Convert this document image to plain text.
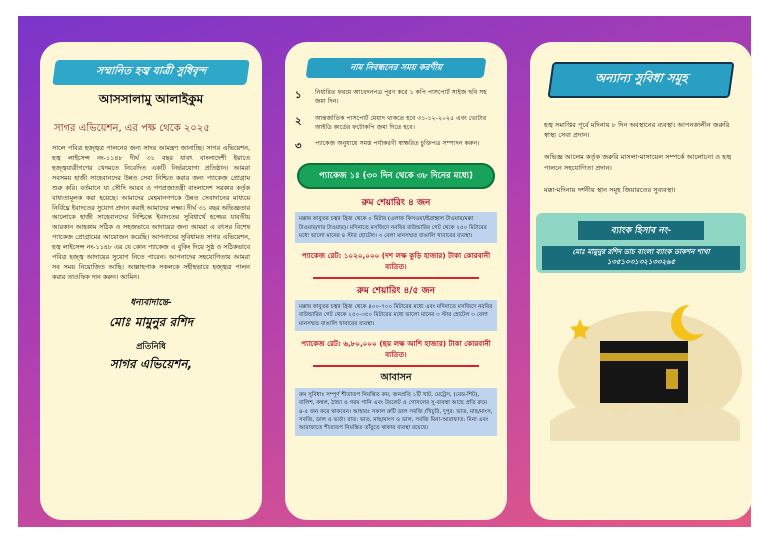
সম্মানিত হজ্ব যাত্রী সুধিবৃন্দ
আসসালামু আলাইকুম
সাগর এভিয়েশন, এর পক্ষ থেকে ২০২৫
সালে পবিত্র হজ্জ্বত্র পালনের জন্য সাদর আমন্ত্রণ জানাচ্ছি। সাগর এভিয়েশন, হজ্ব লাইসেন্স নং-১১৪৮ দীর্ঘ ৩১ বছর যাবৎ বাংলাদেশী ইয়াতে হজ্জ্বযাত্রীগণের খেদমতে নিবেদিত একটি নির্ভরযোগ্য প্রতিষ্ঠান। আমরা সবসময় হাজী সাহেবানদের উন্নত সেবা নিশ্চিত করার জন্য প্যাকেজ প্রোগ্রাম শুরু করি। বর্তমানে যা সৌদি আরব ও গণপ্রজাতন্ত্রী বাংলাদেশ সরকার কর্তৃক বাধ্যতামূলক করা হয়েছে। আমাদের মেহমানগণকে উন্নত সেবাদানের মাধ্যমে নির্বিঘ্নে ইবাদতের সুযোগ প্রদান করাই আমাদের লক্ষ্য। দীর্ঘ ৩১ বছর অভিজ্ঞতার আলোকে হাজী সাহেবানদের নিশ্চিন্তে ইবাদতের সুবিধার্থে হজ্জের যাবতীয় আরকান আহকাম সঠিক ও সহজভাবে আদায়ের জন্য আমরা এ বৎসর বিশেষ প্যাকেজ প্রোগ্রামের আয়োজন করেছি। আপনাদের সুবিধামত সাগর এভিয়েশন, হজ্ব লাইসেন্স নং-১১৪৮ এর যে কোন প্যাকেজ এ বুকিং দিয়ে সুষ্ঠ ও সঠিকভাবে পবিত্র হজ্জ্ব আদায়ের সুযোগ নিতে পারেন। আপনাদের সহযোগিতায় আমরা সব সময় নিয়োজিত আছি। আল্লাহপাক সকলকে সহীহভাবে হজ্জ্বত্র পালন করার তাওফিক দান করুন। আমিন।
ধন্যবাদান্তে-
মোঃ মামুনুর রশিদ
প্রতিনিধি
সাগর এভিয়েশন,
নাম নিবন্ধনের সময় করণীয়
১	নির্ধারিত ফরমে আবেদনপত্র পূরণ করে ১ কপি পাসপোর্ট সাইজ ছবি সহ জমা দিন।
২	আন্তর্জাতিক পাসপোর্ট মেয়াদ থাকতে হবে ৩১-১২-২০২৫ এবং ভোটার আইডি কার্ডের ফটোকপি জমা দিতে হবে।
৩	প্যাকেজ অনুযায়ে সমস্ত পর্যাকরণী স্বাক্ষরিত চুক্তিপত্র সম্পাদন করুন।
প্যাকেজ ১ঃ (৩০ দিন থেকে ৩৮ দিনের মধ্যে)
রুম শেয়ারিং ৪ জন
মক্কায় কাবুতর চত্বর হ্রিজ থেকে ০ মিটার (এলাফ কিসওয়া/ইব্রাহ্বল টাওয়ার/মক্কা টাওয়ার/দার টাওয়ার)। মদিনাতে মসজিদে নববির বাউন্ডারির গেট থেকে ২৫০ মিটারের মধ্যে ভালো মানের ৪ স্টার হোটেল। ৩ বেলা মানসম্মত বাঙালি খাবারের ব্যবস্থা।
প্যাকেজ রেট: ১০২০,০০০ (দশ লক্ষ কুড়ি হাজার) টাকা কোরবানী ব্যতিত।
রুম শেয়ারিং ৪/৫ জন
মক্কায় কাবুতর চত্বর হ্রিজ থেকে ৪০০-৭০০ মিটারের মধ্যে এবং মদিনাতে মসজিদে নববির বাউন্ডারির গেট থেকে ২৫০-৩৫০ মিটারের মধ্যে ভালো মানের ৩ স্টার হোটেল ৩ বেলা মানসম্মত বাঙালি খাবারের ব্যবস্থা।
প্যাকেজ রেট: ৬,৮০,০০০ (ছয় লক্ষ আশি হাজার) টাকা কোরবানী ব্যতিত।
আবাসন
রুম সুবিধাঃ সম্পূর্ণ শীতাতপ নিয়ন্ত্রিত রুম, জনপ্রতি ১টি খাট, মেট্রেস, (বেড-শিট), বালিশ, কম্বল, ঠান্ডা ও গরম পানি এবং টয়লেট ও গোসলের সু-ব্যবস্থা আছে প্রতি রুমে ৪-৫ জন করে থাকবেন। আহারঃ সকাল রুটি ডাল সবজি /খিচুরি, দুপুর: ভাত, মাছ/মাংস, সবজি, ডাল ও ভর্তা। রাত: ভাত, মাছ/মাংস ও ডাল, সবজি মিনা-আরাফাত: মিনা এবং আরাফাতে শীতাতপ নিয়ন্ত্রিত তাঁবুতে থাকার ব্যবস্থা রয়েছে।
অন্যান্য সুবিধা সমূহ
হজ্ব সমাপ্তির পূর্বে মদিনায় ৮ দিন অবস্থানের ব্যবস্থা। আপনকালীন জরুরি স্বাস্থ্য সেবা প্রদান।
অভিজ্ঞ আলেম কর্তৃক জরুরি মাসলা-মাসায়েল সম্পর্কে আলোচনা ও হজ্ব পালনে সহযোগিতা প্রদান।
মক্কা-মদিনায় দর্শনীয় স্থান সমূহ জিয়ারতের সুব্যবস্থা।
ব্যাংক হিসাব নং-
মোঃ মামুনুর রশিদ ডাচ বাংলা ব্যাংক ডাকশন শাখা ১৩৫১০৩১৩২১৩৩২৬৫
